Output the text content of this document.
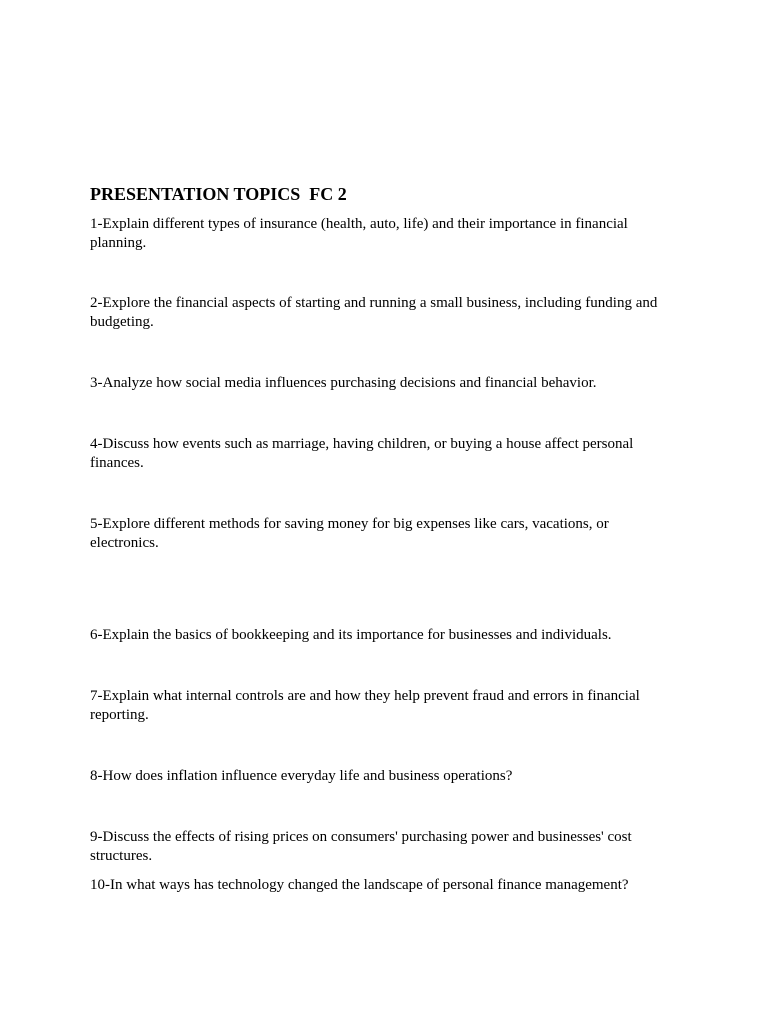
PRESENTATION TOPICS  FC 2

1-Explain different types of insurance (health, auto, life) and their importance in financial planning.

2-Explore the financial aspects of starting and running a small business, including funding and budgeting.

3-Analyze how social media influences purchasing decisions and financial behavior.

4-Discuss how events such as marriage, having children, or buying a house affect personal finances.

5-Explore different methods for saving money for big expenses like cars, vacations, or electronics.

6-Explain the basics of bookkeeping and its importance for businesses and individuals.

7-Explain what internal controls are and how they help prevent fraud and errors in financial reporting.

8-How does inflation influence everyday life and business operations?

9-Discuss the effects of rising prices on consumers' purchasing power and businesses' cost structures.

10-In what ways has technology changed the landscape of personal finance management?
